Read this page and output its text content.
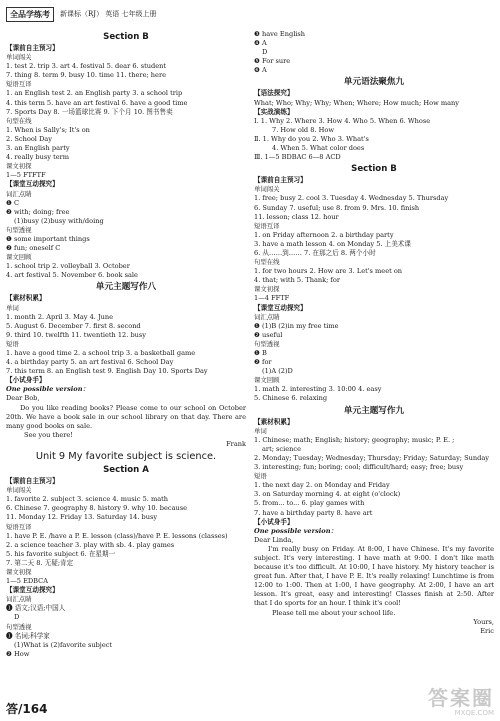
全品学练考	新课标（RJ） 英语 七年级上册
Section B
【课前自主预习】
单词闯关
1. test 2. trip 3. art 4. festival 5. dear 6. student
7. thing 8. term 9. busy 10. time 11. there; here
短语互译
1. an English test 2. an English party 3. a school trip
4. this term 5. have an art festival 6. have a good time
7. Sports Day 8. 一场篮球比赛 9. 下个月 10. 图书售卖
句型在线
1. When is Sally's; It's on
2. School Day
3. an English party
4. really busy term
课文初探
1—5 FTFTF
【课堂互动探究】
词汇点睛
❶ C
❷ with; doing; free
(1)busy (2)busy with/doing
句型透视
❶ some important things
❷ fun; oneself C
课文回顾
1. school trip 2. volleyball 3. October
4. art festival 5. November 6. book sale
单元主题写作八
【素材积累】
单词
1. month 2. April 3. May 4. June
5. August 6. December 7. first 8. second
9. third 10. twelfth 11. twentieth 12. busy
短语
1. have a good time 2. a school trip 3. a basketball game
4. a birthday party 5. an art festival 6. School Day
7. this term 8. an English test 9. English Day 10. Sports Day
【小试身手】
One possible version：
Dear Bob,
Do you like reading books? Please come to our school on October 20th. We have a book sale in our school library on that day. There are many good books on sale.
See you there!
Frank
Unit 9 My favorite subject is science.
Section A
【课前自主预习】
单词闯关
1. favorite 2. subject 3. science 4. music 5. math
6. Chinese 7. geography 8. history 9. why 10. because
11. Monday 12. Friday 13. Saturday 14. busy
短语互译
1. have P. E. /have a P. E. lesson (class)/have P. E. lessons (classes)
2. a science teacher 3. play with sb. 4. play games
5. his favorite subject 6. 在星期一
7. 第二天 8. 无疑;肯定
课文初探
1—5 EDBCA
【课堂互动探究】
词汇点睛
❶ 语文;汉语;中国人
D
句型透视
❶ 名词;科学家
(1)What is (2)favorite subject
❷ How
❸ have English
❹ A
D
❺ For sure
❻ A
单元语法聚焦九
【语法探究】
What; Who; Why; Why; When; Where; How much; How many
【实战演练】
Ⅰ. 1. Why 2. Where 3. How 4. Who 5. When 6. Whose
7. How old 8. How
Ⅱ. 1. Why do you 2. Who 3. What's
4. When 5. What color does
Ⅲ. 1—5 BDBAC 6—8 ACD
Section B
【课前自主预习】
单词闯关
1. free; busy 2. cool 3. Tuesday 4. Wednesday 5. Thursday
6. Sunday 7. useful; use 8. from 9. Mrs. 10. finish
11. lesson; class 12. hour
短语互译
1. on Friday afternoon 2. a birthday party
3. have a math lesson 4. on Monday 5. 上美术课
6. 从……到…… 7. 在那之后 8. 两个小时
句型在线
1. for two hours 2. How are 3. Let's meet on
4. that; with 5. Thank; for
课文初探
1—4 FFTF
【课堂互动探究】
词汇点睛
❶ (1)B (2)in my free time
❷ useful
句型透视
❶ B
❷ for
(1)A (2)D
课文回顾
1. math 2. interesting 3. 10:00 4. easy
5. Chinese 6. relaxing
单元主题写作九
【素材积累】
单词
1. Chinese; math; English; history; geography; music; P. E. ;
art; science
2. Monday; Tuesday; Wednesday; Thursday; Friday; Saturday; Sunday
3. interesting; fun; boring; cool; difficult/hard; easy; free; busy
短语
1. the next day 2. on Monday and Friday
3. on Saturday morning 4. at eight (o'clock)
5. from... to... 6. play games with
7. have a birthday party 8. have art
【小试身手】
One possible version：
Dear Linda,
I'm really busy on Friday. At 8:00, I have Chinese. It's my favorite subject. It's very interesting. I have math at 9:00. I don't like math because it's too difficult. At 10:00, I have history. My history teacher is great fun. After that, I have P. E. It's really relaxing! Lunchtime is from 12:00 to 1:00. Then at 1:00, I have geography. At 2:00, I have an art lesson. It's great, easy and interesting! Classes finish at 2:50. After that I do sports for an hour. I think it's cool!
Please tell me about your school life.
Yours,
Eric
答/164	答案圈
MXQE.COM
